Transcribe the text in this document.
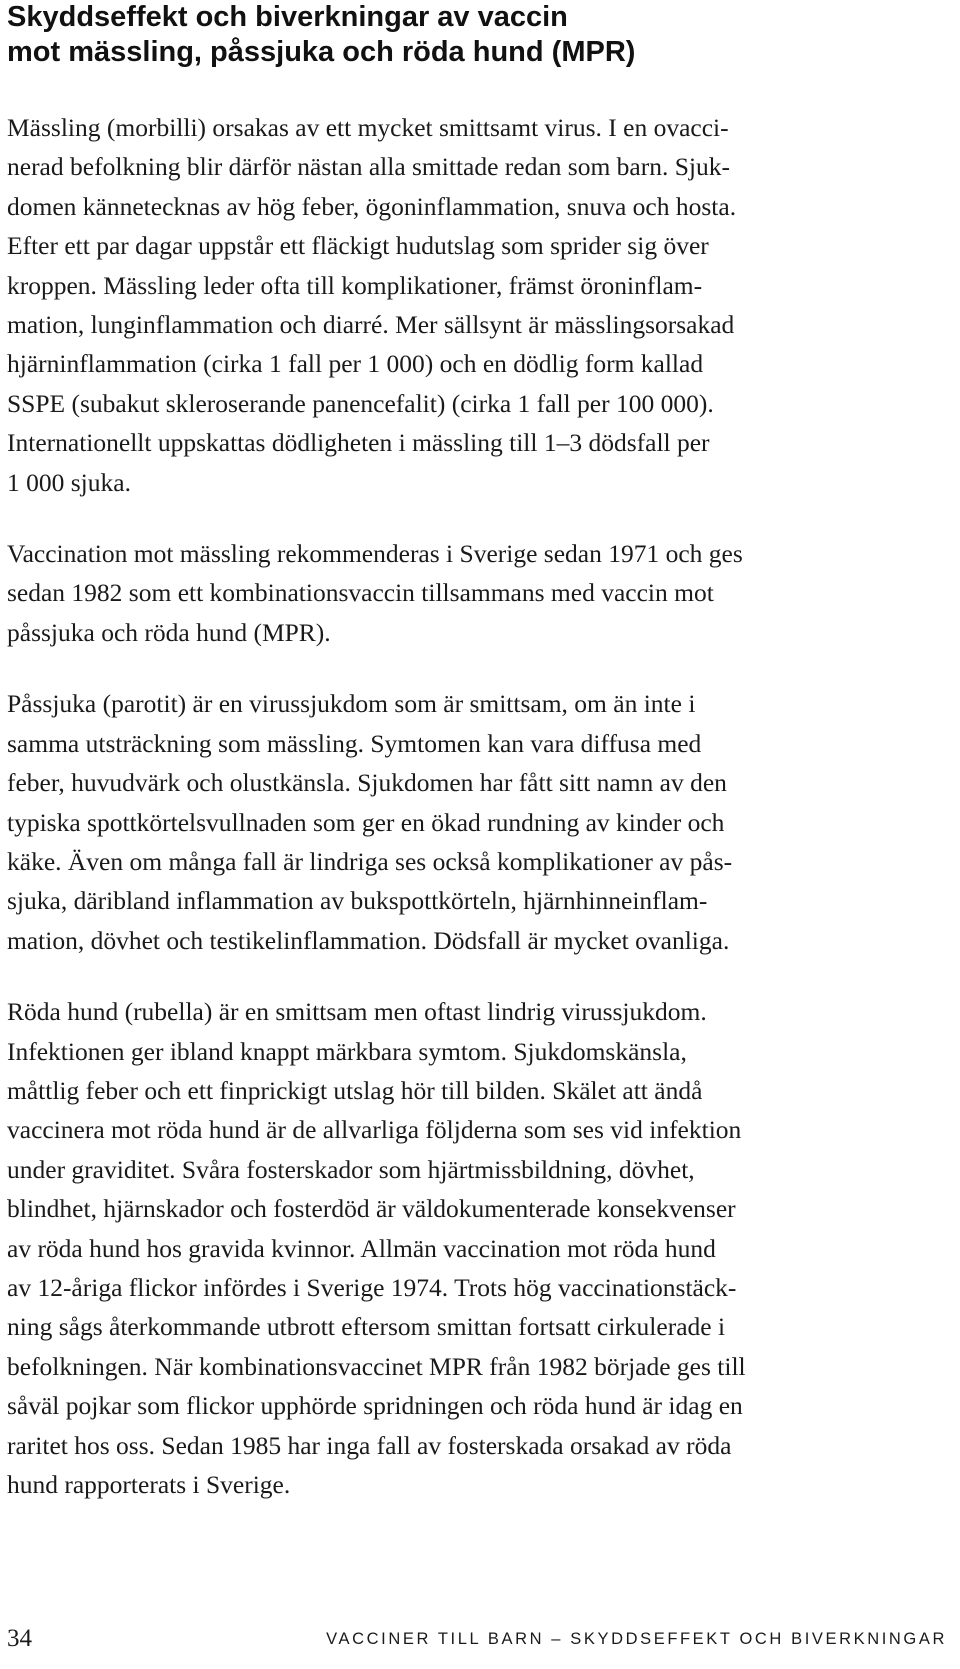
Skyddseffekt och biverkningar av vaccin
mot mässling, påssjuka och röda hund (MPR)

Mässling (morbilli) orsakas av ett mycket smittsamt virus. I en ovacci-
nerad befolkning blir därför nästan alla smittade redan som barn. Sjuk-
domen kännetecknas av hög feber, ögoninflammation, snuva och hosta.
Efter ett par dagar uppstår ett fläckigt hudutslag som sprider sig över
kroppen. Mässling leder ofta till komplikationer, främst öroninflam-
mation, lunginflammation och diarré. Mer sällsynt är mässlingsorsakad
hjärninflammation (cirka 1 fall per 1 000) och en dödlig form kallad
SSPE (subakut skleroserande panencefalit) (cirka 1 fall per 100 000).
Internationellt uppskattas dödligheten i mässling till 1–3 dödsfall per
1 000 sjuka.

Vaccination mot mässling rekommenderas i Sverige sedan 1971 och ges
sedan 1982 som ett kombinationsvaccin tillsammans med vaccin mot
påssjuka och röda hund (MPR).

Påssjuka (parotit) är en virussjukdom som är smittsam, om än inte i
samma utsträckning som mässling. Symtomen kan vara diffusa med
feber, huvudvärk och olustkänsla. Sjukdomen har fått sitt namn av den
typiska spottkörtelsvullnaden som ger en ökad rundning av kinder och
käke. Även om många fall är lindriga ses också komplikationer av pås-
sjuka, däribland inflammation av bukspottkörteln, hjärnhinneinflam-
mation, dövhet och testikelinflammation. Dödsfall är mycket ovanliga.

Röda hund (rubella) är en smittsam men oftast lindrig virussjukdom.
Infektionen ger ibland knappt märkbara symtom. Sjukdomskänsla,
måttlig feber och ett finprickigt utslag hör till bilden. Skälet att ändå
vaccinera mot röda hund är de allvarliga följderna som ses vid infektion
under graviditet. Svåra fosterskador som hjärtmissbildning, dövhet,
blindhet, hjärnskador och fosterdöd är väldokumenterade konsekvenser
av röda hund hos gravida kvinnor. Allmän vaccination mot röda hund
av 12-åriga flickor infördes i Sverige 1974. Trots hög vaccinationstäck-
ning sågs återkommande utbrott eftersom smittan fortsatt cirkulerade i
befolkningen. När kombinationsvaccinet MPR från 1982 började ges till
såväl pojkar som flickor upphörde spridningen och röda hund är idag en
raritet hos oss. Sedan 1985 har inga fall av fosterskada orsakad av röda
hund rapporterats i Sverige.

34	VACCINER TILL BARN – SKYDDSEFFEKT OCH BIVERKNINGAR
